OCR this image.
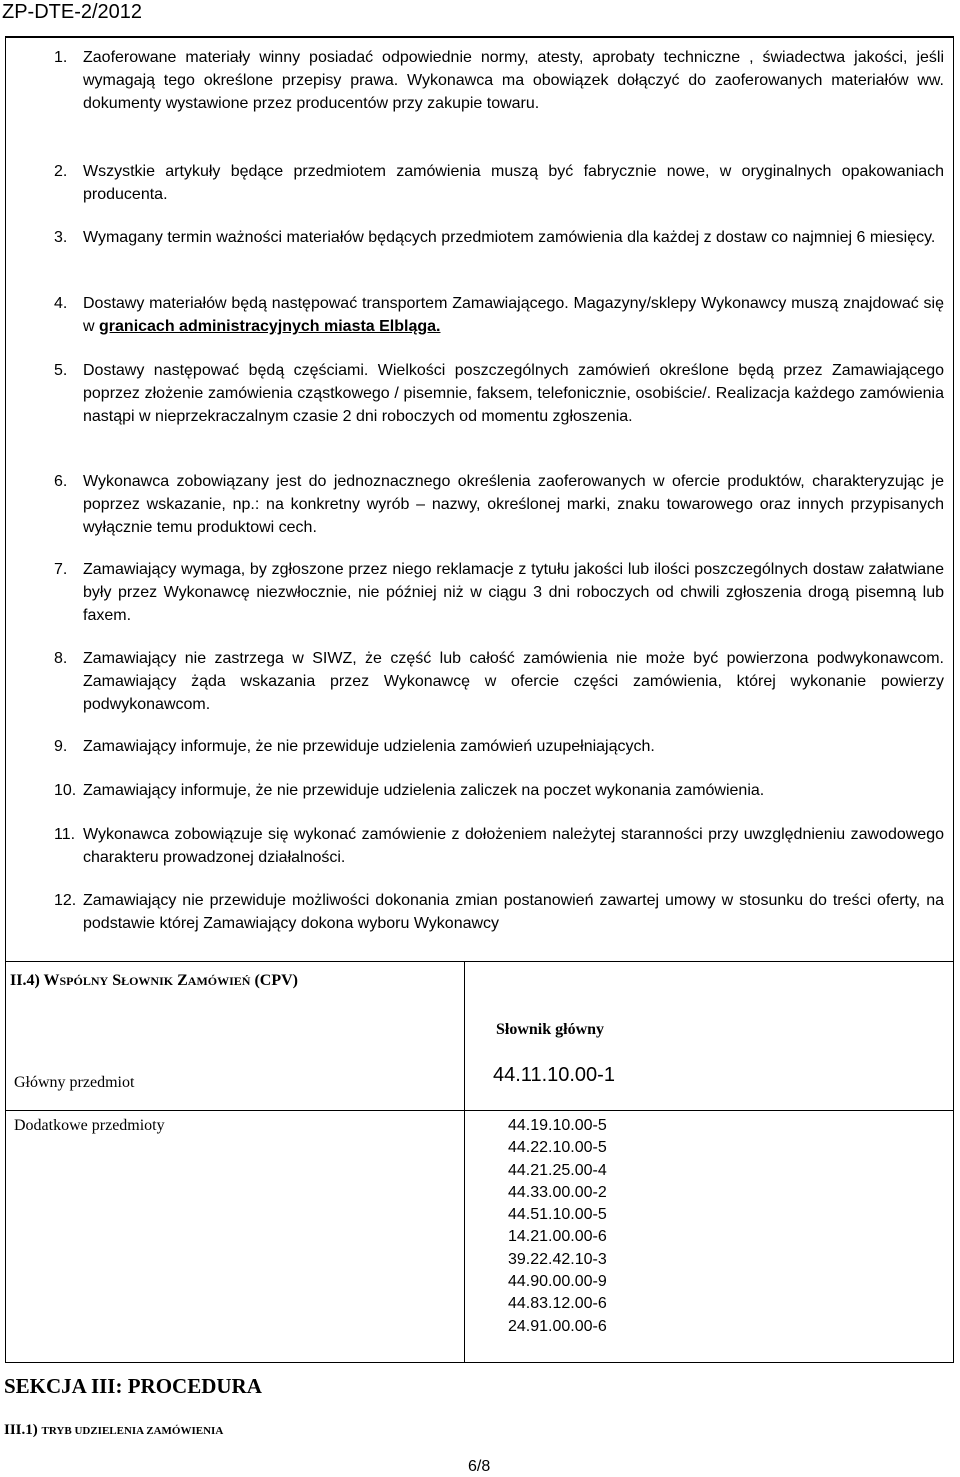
ZP-DTE-2/2012
1. Zaoferowane materiały winny posiadać odpowiednie normy, atesty, aprobaty techniczne , świadectwa jakości, jeśli wymagają tego określone przepisy prawa. Wykonawca ma obowiązek dołączyć do zaoferowanych materiałów ww. dokumenty wystawione przez producentów przy zakupie towaru.
2. Wszystkie artykuły będące przedmiotem zamówienia muszą być fabrycznie nowe, w oryginalnych opakowaniach producenta.
3. Wymagany termin ważności materiałów będących przedmiotem zamówienia dla każdej z dostaw co najmniej 6 miesięcy.
4. Dostawy materiałów będą następować transportem Zamawiającego. Magazyny/sklepy Wykonawcy muszą znajdować się w granicach administracyjnych miasta Elbląga.
5. Dostawy następować będą częściami. Wielkości poszczególnych zamówień określone będą przez Zamawiającego poprzez złożenie zamówienia cząstkowego / pisemnie, faksem, telefonicznie, osobiście/. Realizacja każdego zamówienia nastąpi w nieprzekraczalnym czasie 2 dni roboczych od momentu zgłoszenia.
6. Wykonawca zobowiązany jest do jednoznacznego określenia zaoferowanych w ofercie produktów, charakteryzując je poprzez wskazanie, np.: na konkretny wyrób – nazwy, określonej marki, znaku towarowego oraz innych przypisanych wyłącznie temu produktowi cech.
7. Zamawiający wymaga, by zgłoszone przez niego reklamacje z tytułu jakości lub ilości poszczególnych dostaw załatwiane były przez Wykonawcę niezwłocznie, nie później niż w ciągu 3 dni roboczych od chwili zgłoszenia drogą pisemną lub faxem.
8. Zamawiający nie zastrzega w SIWZ, że część lub całość zamówienia nie może być powierzona podwykonawcom. Zamawiający żąda wskazania przez Wykonawcę w ofercie części zamówienia, której wykonanie powierzy podwykonawcom.
9. Zamawiający informuje, że nie przewiduje udzielenia zamówień uzupełniających.
10. Zamawiający informuje, że nie przewiduje udzielenia zaliczek na poczet wykonania zamówienia.
11. Wykonawca zobowiązuje się wykonać zamówienie z dołożeniem należytej staranności przy uwzględnieniu zawodowego charakteru prowadzonej działalności.
12. Zamawiający nie przewiduje możliwości dokonania zmian postanowień zawartej umowy w stosunku do treści oferty, na podstawie której Zamawiający dokona wyboru Wykonawcy
II.4) WSPÓLNY SŁOWNIK ZAMÓWIEŃ (CPV)
Słownik główny
Główny przedmiot	44.11.10.00-1
Dodatkowe przedmioty	44.19.10.00-5
44.22.10.00-5
44.21.25.00-4
44.33.00.00-2
44.51.10.00-5
14.21.00.00-6
39.22.42.10-3
44.90.00.00-9
44.83.12.00-6
24.91.00.00-6
SEKCJA III: PROCEDURA
III.1) TRYB UDZIELENIA ZAMÓWIENIA
6/8
